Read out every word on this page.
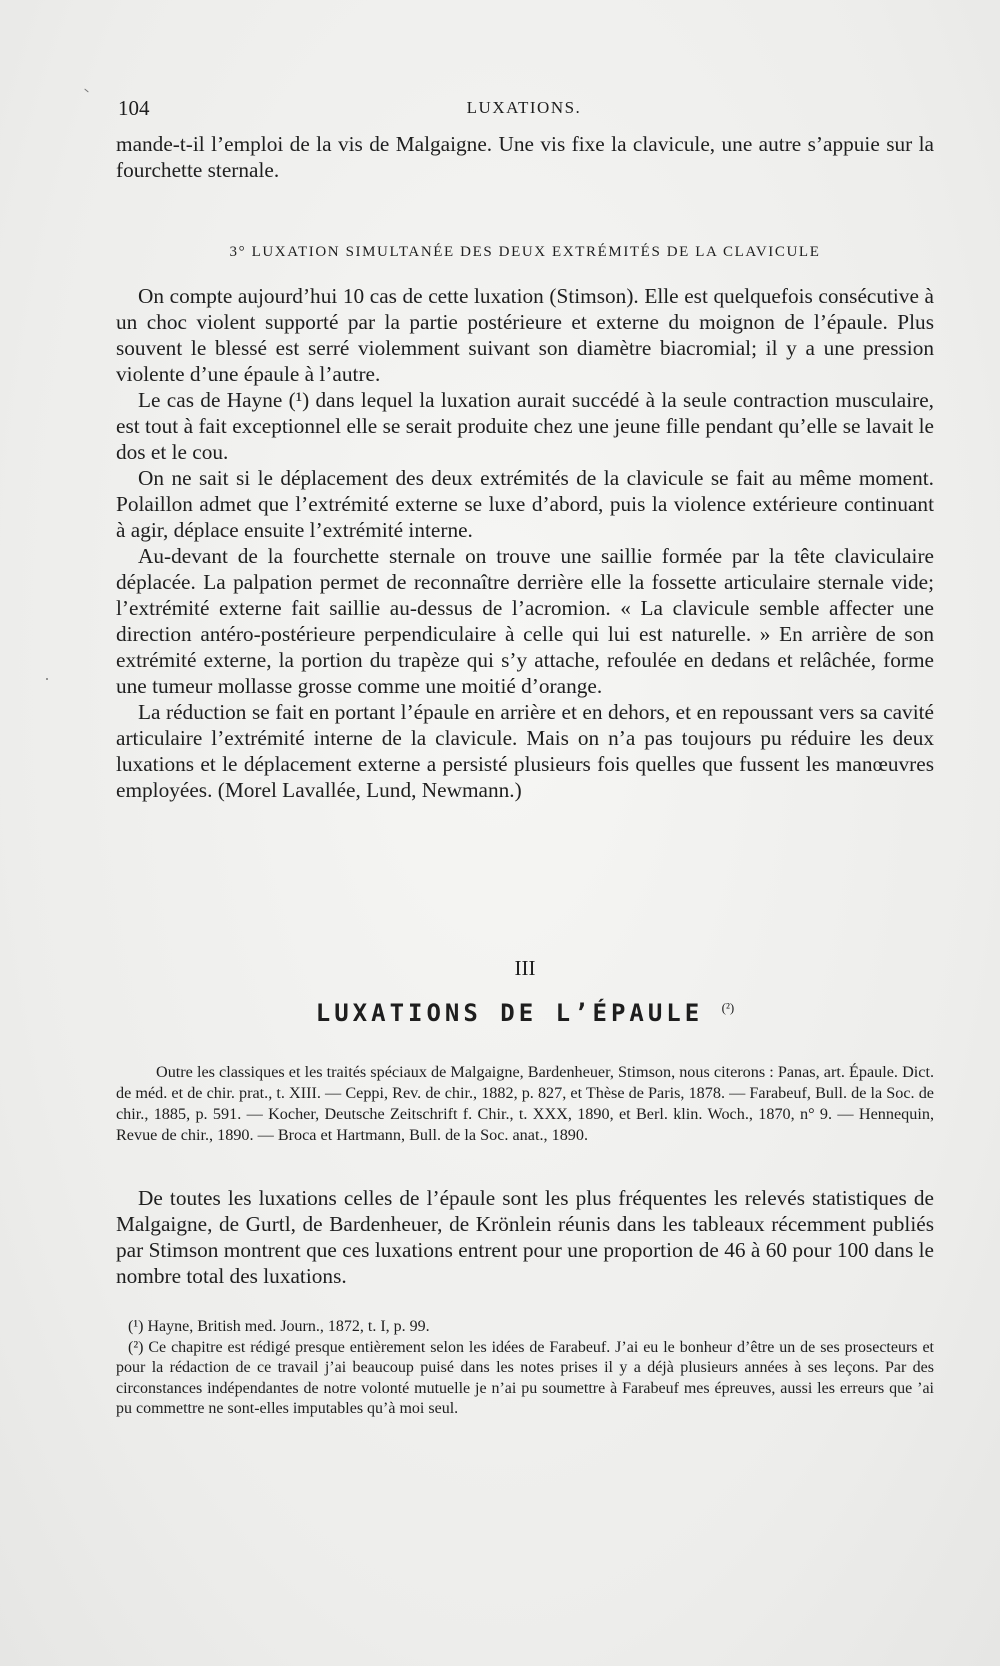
104	LUXATIONS.

mande-t-il l’emploi de la vis de Malgaigne. Une vis fixe la clavicule, une autre s’appuie sur la fourchette sternale.

3° LUXATION SIMULTANÉE DES DEUX EXTRÉMITÉS DE LA CLAVICULE

On compte aujourd’hui 10 cas de cette luxation (Stimson). Elle est quelquefois consécutive à un choc violent supporté par la partie postérieure et externe du moignon de l’épaule. Plus souvent le blessé est serré violemment suivant son diamètre biacromial; il y a une pression violente d’une épaule à l’autre.

Le cas de Hayne (¹) dans lequel la luxation aurait succédé à la seule contraction musculaire, est tout à fait exceptionnel elle se serait produite chez une jeune fille pendant qu’elle se lavait le dos et le cou.

On ne sait si le déplacement des deux extrémités de la clavicule se fait au même moment. Polaillon admet que l’extrémité externe se luxe d’abord, puis la violence extérieure continuant à agir, déplace ensuite l’extrémité interne.

Au-devant de la fourchette sternale on trouve une saillie formée par la tête claviculaire déplacée. La palpation permet de reconnaître derrière elle la fossette articulaire sternale vide; l’extrémité externe fait saillie au-dessus de l’acromion. « La clavicule semble affecter une direction antéro-postérieure perpendiculaire à celle qui lui est naturelle. » En arrière de son extrémité externe, la portion du trapèze qui s’y attache, refoulée en dedans et relâchée, forme une tumeur mollasse grosse comme une moitié d’orange.

La réduction se fait en portant l’épaule en arrière et en dehors, et en repoussant vers sa cavité articulaire l’extrémité interne de la clavicule. Mais on n’a pas toujours pu réduire les deux luxations et le déplacement externe a persisté plusieurs fois quelles que fussent les manœuvres employées. (Morel Lavallée, Lund, Newmann.)

III
LUXATIONS DE L’ÉPAULE $^{(^2)}$

Outre les classiques et les traités spéciaux de Malgaigne, Bardenheuer, Stimson, nous citerons : Panas, art. Épaule. Dict. de méd. et de chir. prat., t. XIII. — Ceppi, Rev. de chir., 1882, p. 827, et Thèse de Paris, 1878. — Farabeuf, Bull. de la Soc. de chir., 1885, p. 591. — Kocher, Deutsche Zeitschrift f. Chir., t. XXX, 1890, et Berl. klin. Woch., 1870, n° 9. — Hennequin, Revue de chir., 1890. — Broca et Hartmann, Bull. de la Soc. anat., 1890.

De toutes les luxations celles de l’épaule sont les plus fréquentes les relevés statistiques de Malgaigne, de Gurtl, de Bardenheuer, de Krönlein réunis dans les tableaux récemment publiés par Stimson montrent que ces luxations entrent pour une proportion de 46 à 60 pour 100 dans le nombre total des luxations.

(¹) Hayne, British med. Journ., 1872, t. I, p. 99.

(²) Ce chapitre est rédigé presque entièrement selon les idées de Farabeuf. J’ai eu le bonheur d’être un de ses prosecteurs et pour la rédaction de ce travail j’ai beaucoup puisé dans les notes prises il y a déjà plusieurs années à ses leçons. Par des circonstances indépendantes de notre volonté mutuelle je n’ai pu soumettre à Farabeuf mes épreuves, aussi les erreurs que ’ai pu commettre ne sont-elles imputables qu’à moi seul.
